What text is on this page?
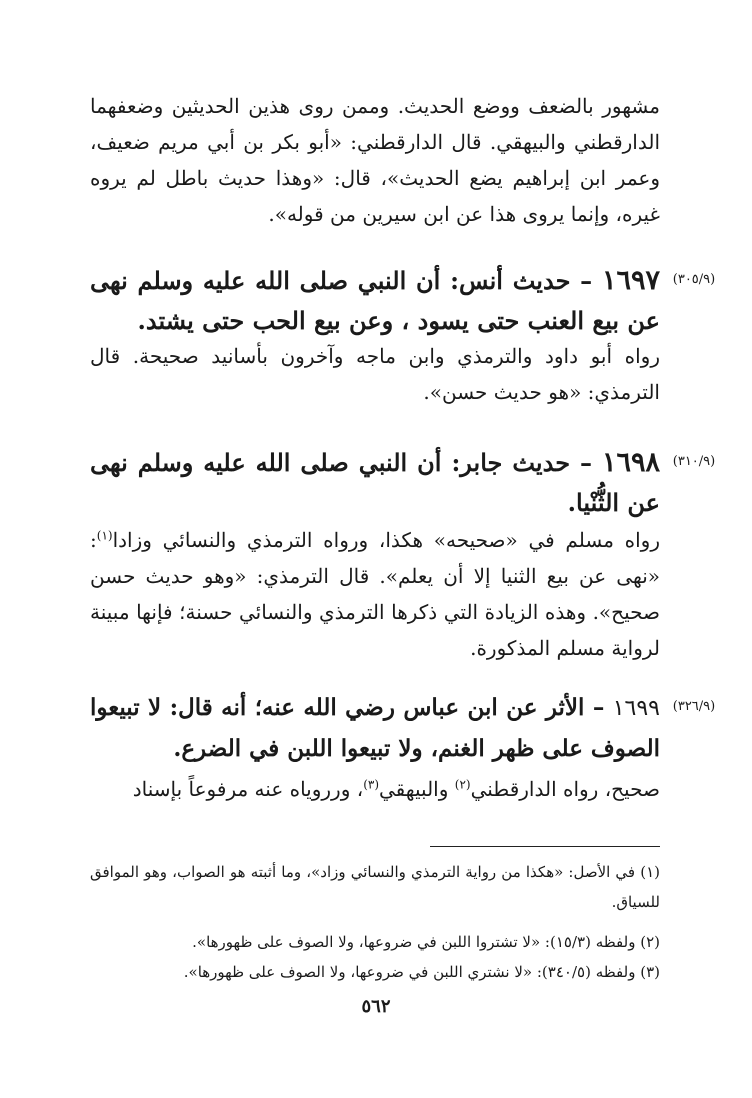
مشهور بالضعف ووضع الحديث. وممن روى هذين الحديثين وضعفهما الدارقطني والبيهقي. قال الدارقطني: «أبو بكر بن أبي مريم ضعيف، وعمر ابن إبراهيم يضع الحديث»، قال: «وهذا حديث باطل لم يروه غيره، وإنما يروى هذا عن ابن سيرين من قوله».

(٣٠٥/٩)
١٦٩٧ – حديث أنس: أن النبي صلى الله عليه وسلم نهى عن بيع العنب حتى يسود ، وعن بيع الحب حتى يشتد.

رواه أبو داود والترمذي وابن ماجه وآخرون بأسانيد صحيحة. قال الترمذي: «هو حديث حسن».

(٣١٠/٩)
١٦٩٨ – حديث جابر: أن النبي صلى الله عليه وسلم نهى عن الثُّنْيا.

رواه مسلم في «صحيحه» هكذا، ورواه الترمذي والنسائي وزادا$^{(١)}$: «نهى عن بيع الثنيا إلا أن يعلم». قال الترمذي: «وهو حديث حسن صحيح». وهذه الزيادة التي ذكرها الترمذي والنسائي حسنة؛ فإنها مبينة لرواية مسلم المذكورة.

(٣٢٦/٩)
١٦٩٩ – الأثر عن ابن عباس رضي الله عنه؛ أنه قال: لا تبيعوا الصوف على ظهر الغنم، ولا تبيعوا اللبن في الضرع.

صحيح، رواه الدارقطني$^{(٢)}$ والبيهقي$^{(٣)}$، ورروياه عنه مرفوعاً بإسناد

(١) في الأصل: «هكذا من رواية الترمذي والنسائي وزاد»، وما أثبته هو الصواب، وهو الموافق للسياق.

(٢) ولفظه (١٥/٣): «لا تشتروا اللبن في ضروعها، ولا الصوف على ظهورها».

(٣) ولفظه (٣٤٠/٥): «لا نشتري اللبن في ضروعها، ولا الصوف على ظهورها».

٥٦٢
